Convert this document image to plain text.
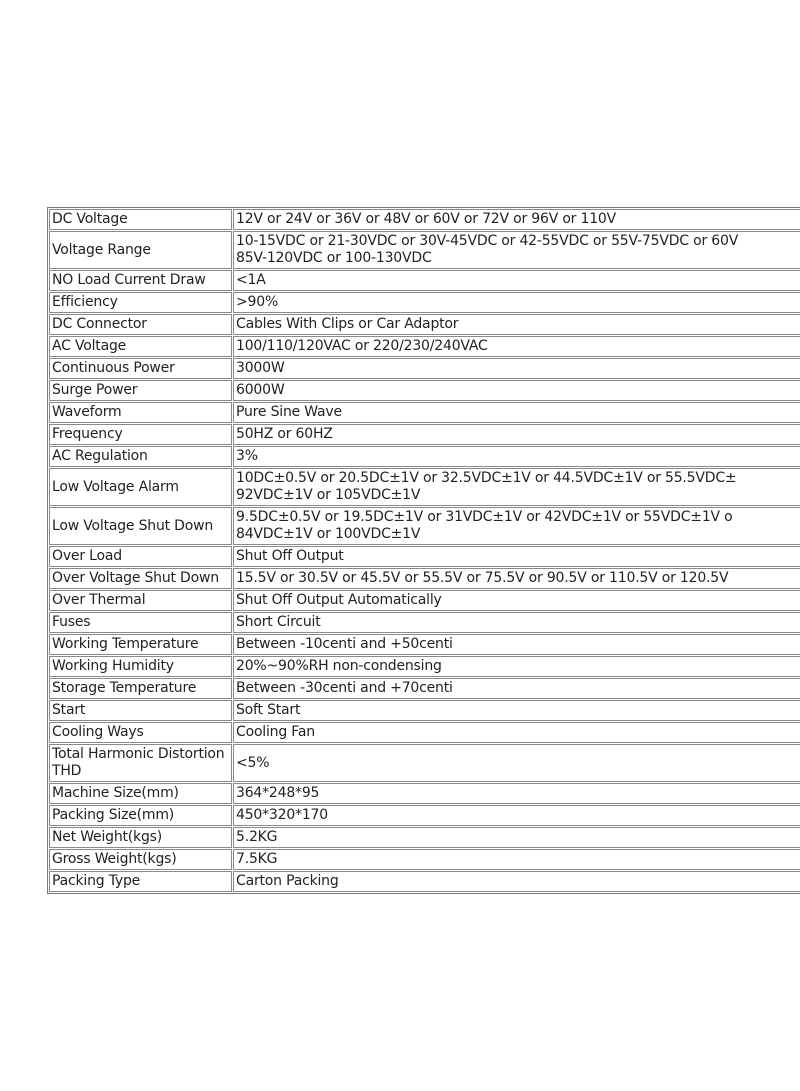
DC Voltage	12V or 24V or 36V or 48V or 60V or 72V or 96V or 110V
Voltage Range	10-15VDC or 21-30VDC or 30V-45VDC or 42-55VDC or 55V-75VDC or 60V
85V-120VDC or 100-130VDC

NO Load Current Draw	<1A
Efficiency	>90%
DC Connector	Cables With Clips or Car Adaptor
AC Voltage	100/110/120VAC or 220/230/240VAC
Continuous Power	3000W
Surge Power	6000W
Waveform	Pure Sine Wave
Frequency	50HZ or 60HZ
AC Regulation	3%
Low Voltage Alarm	10DC±0.5V or 20.5DC±1V or 32.5VDC±1V or 44.5VDC±1V or 55.5VDC±
92VDC±1V or 105VDC±1V

Low Voltage Shut Down	9.5DC±0.5V or 19.5DC±1V or 31VDC±1V or 42VDC±1V or 55VDC±1V o
84VDC±1V or 100VDC±1V

Over Load	Shut Off Output
Over Voltage Shut Down	15.5V or 30.5V or 45.5V or 55.5V or 75.5V or 90.5V or 110.5V or 120.5V
Over Thermal	Shut Off Output Automatically
Fuses	Short Circuit
Working Temperature	Between -10centi and +50centi
Working Humidity	20%~90%RH non-condensing
Storage Temperature	Between -30centi and +70centi
Start	Soft Start
Cooling Ways	Cooling Fan
Total Harmonic Distortion THD	<5%
Machine Size(mm)	364*248*95
Packing Size(mm)	450*320*170
Net Weight(kgs)	5.2KG
Gross Weight(kgs)	7.5KG
Packing Type	Carton Packing
